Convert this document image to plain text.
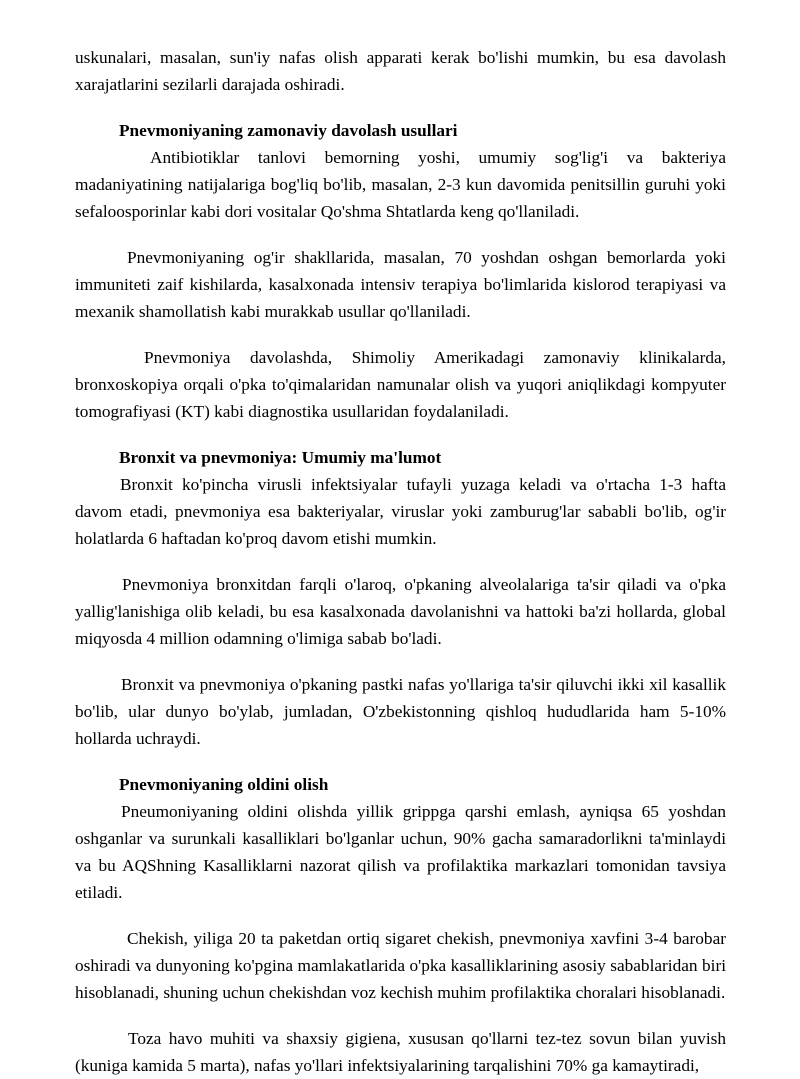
uskunalari, masalan, sun'iy nafas olish apparati kerak bo'lishi mumkin, bu esa davolash xarajatlarini sezilarli darajada oshiradi.

Pnevmoniyaning zamonaviy davolash usullari

Antibiotiklar tanlovi bemorning yoshi, umumiy sog'lig'i va bakteriya madaniyatining natijalariga bog'liq bo'lib, masalan, 2-3 kun davomida penitsillin guruhi yoki sefaloosporinlar kabi dori vositalar Qo'shma Shtatlarda keng qo'llaniladi.

Pnevmoniyaning og'ir shakllarida, masalan, 70 yoshdan oshgan bemorlarda yoki immuniteti zaif kishilarda, kasalxonada intensiv terapiya bo'limlarida kislorod terapiyasi va mexanik shamollatish kabi murakkab usullar qo'llaniladi.

Pnevmoniya davolashda, Shimoliy Amerikadagi zamonaviy klinikalarda, bronxoskopiya orqali o'pka to'qimalaridan namunalar olish va yuqori aniqlikdagi kompyuter tomografiyasi (KT) kabi diagnostika usullaridan foydalaniladi.

Bronxit va pnevmoniya: Umumiy ma'lumot

Bronxit ko'pincha virusli infektsiyalar tufayli yuzaga keladi va o'rtacha 1-3 hafta davom etadi, pnevmoniya esa bakteriyalar, viruslar yoki zamburug'lar sababli bo'lib, og'ir holatlarda 6 haftadan ko'proq davom etishi mumkin.

Pnevmoniya bronxitdan farqli o'laroq, o'pkaning alveolalariga ta'sir qiladi va o'pka yallig'lanishiga olib keladi, bu esa kasalxonada davolanishni va hattoki ba'zi hollarda, global miqyosda 4 million odamning o'limiga sabab bo'ladi.

Bronxit va pnevmoniya o'pkaning pastki nafas yo'llariga ta'sir qiluvchi ikki xil kasallik bo'lib, ular dunyo bo'ylab, jumladan, O'zbekistonning qishloq hududlarida ham 5-10% hollarda uchraydi.

Pnevmoniyaning oldini olish

Pneumoniyaning oldini olishda yillik grippga qarshi emlash, ayniqsa 65 yoshdan oshganlar va surunkali kasalliklari bo'lganlar uchun, 90% gacha samaradorlikni ta'minlaydi va bu AQShning Kasalliklarni nazorat qilish va profilaktika markazlari tomonidan tavsiya etiladi.

Chekish, yiliga 20 ta paketdan ortiq sigaret chekish, pnevmoniya xavfini 3-4 barobar oshiradi va dunyoning ko'pgina mamlakatlarida o'pka kasalliklarining asosiy sabablaridan biri hisoblanadi, shuning uchun chekishdan voz kechish muhim profilaktika choralari hisoblanadi.

Toza havo muhiti va shaxsiy gigiena, xususan qo'llarni tez-tez sovun bilan yuvish (kuniga kamida 5 marta), nafas yo'llari infektsiyalarining tarqalishini 70% ga kamaytiradi,
